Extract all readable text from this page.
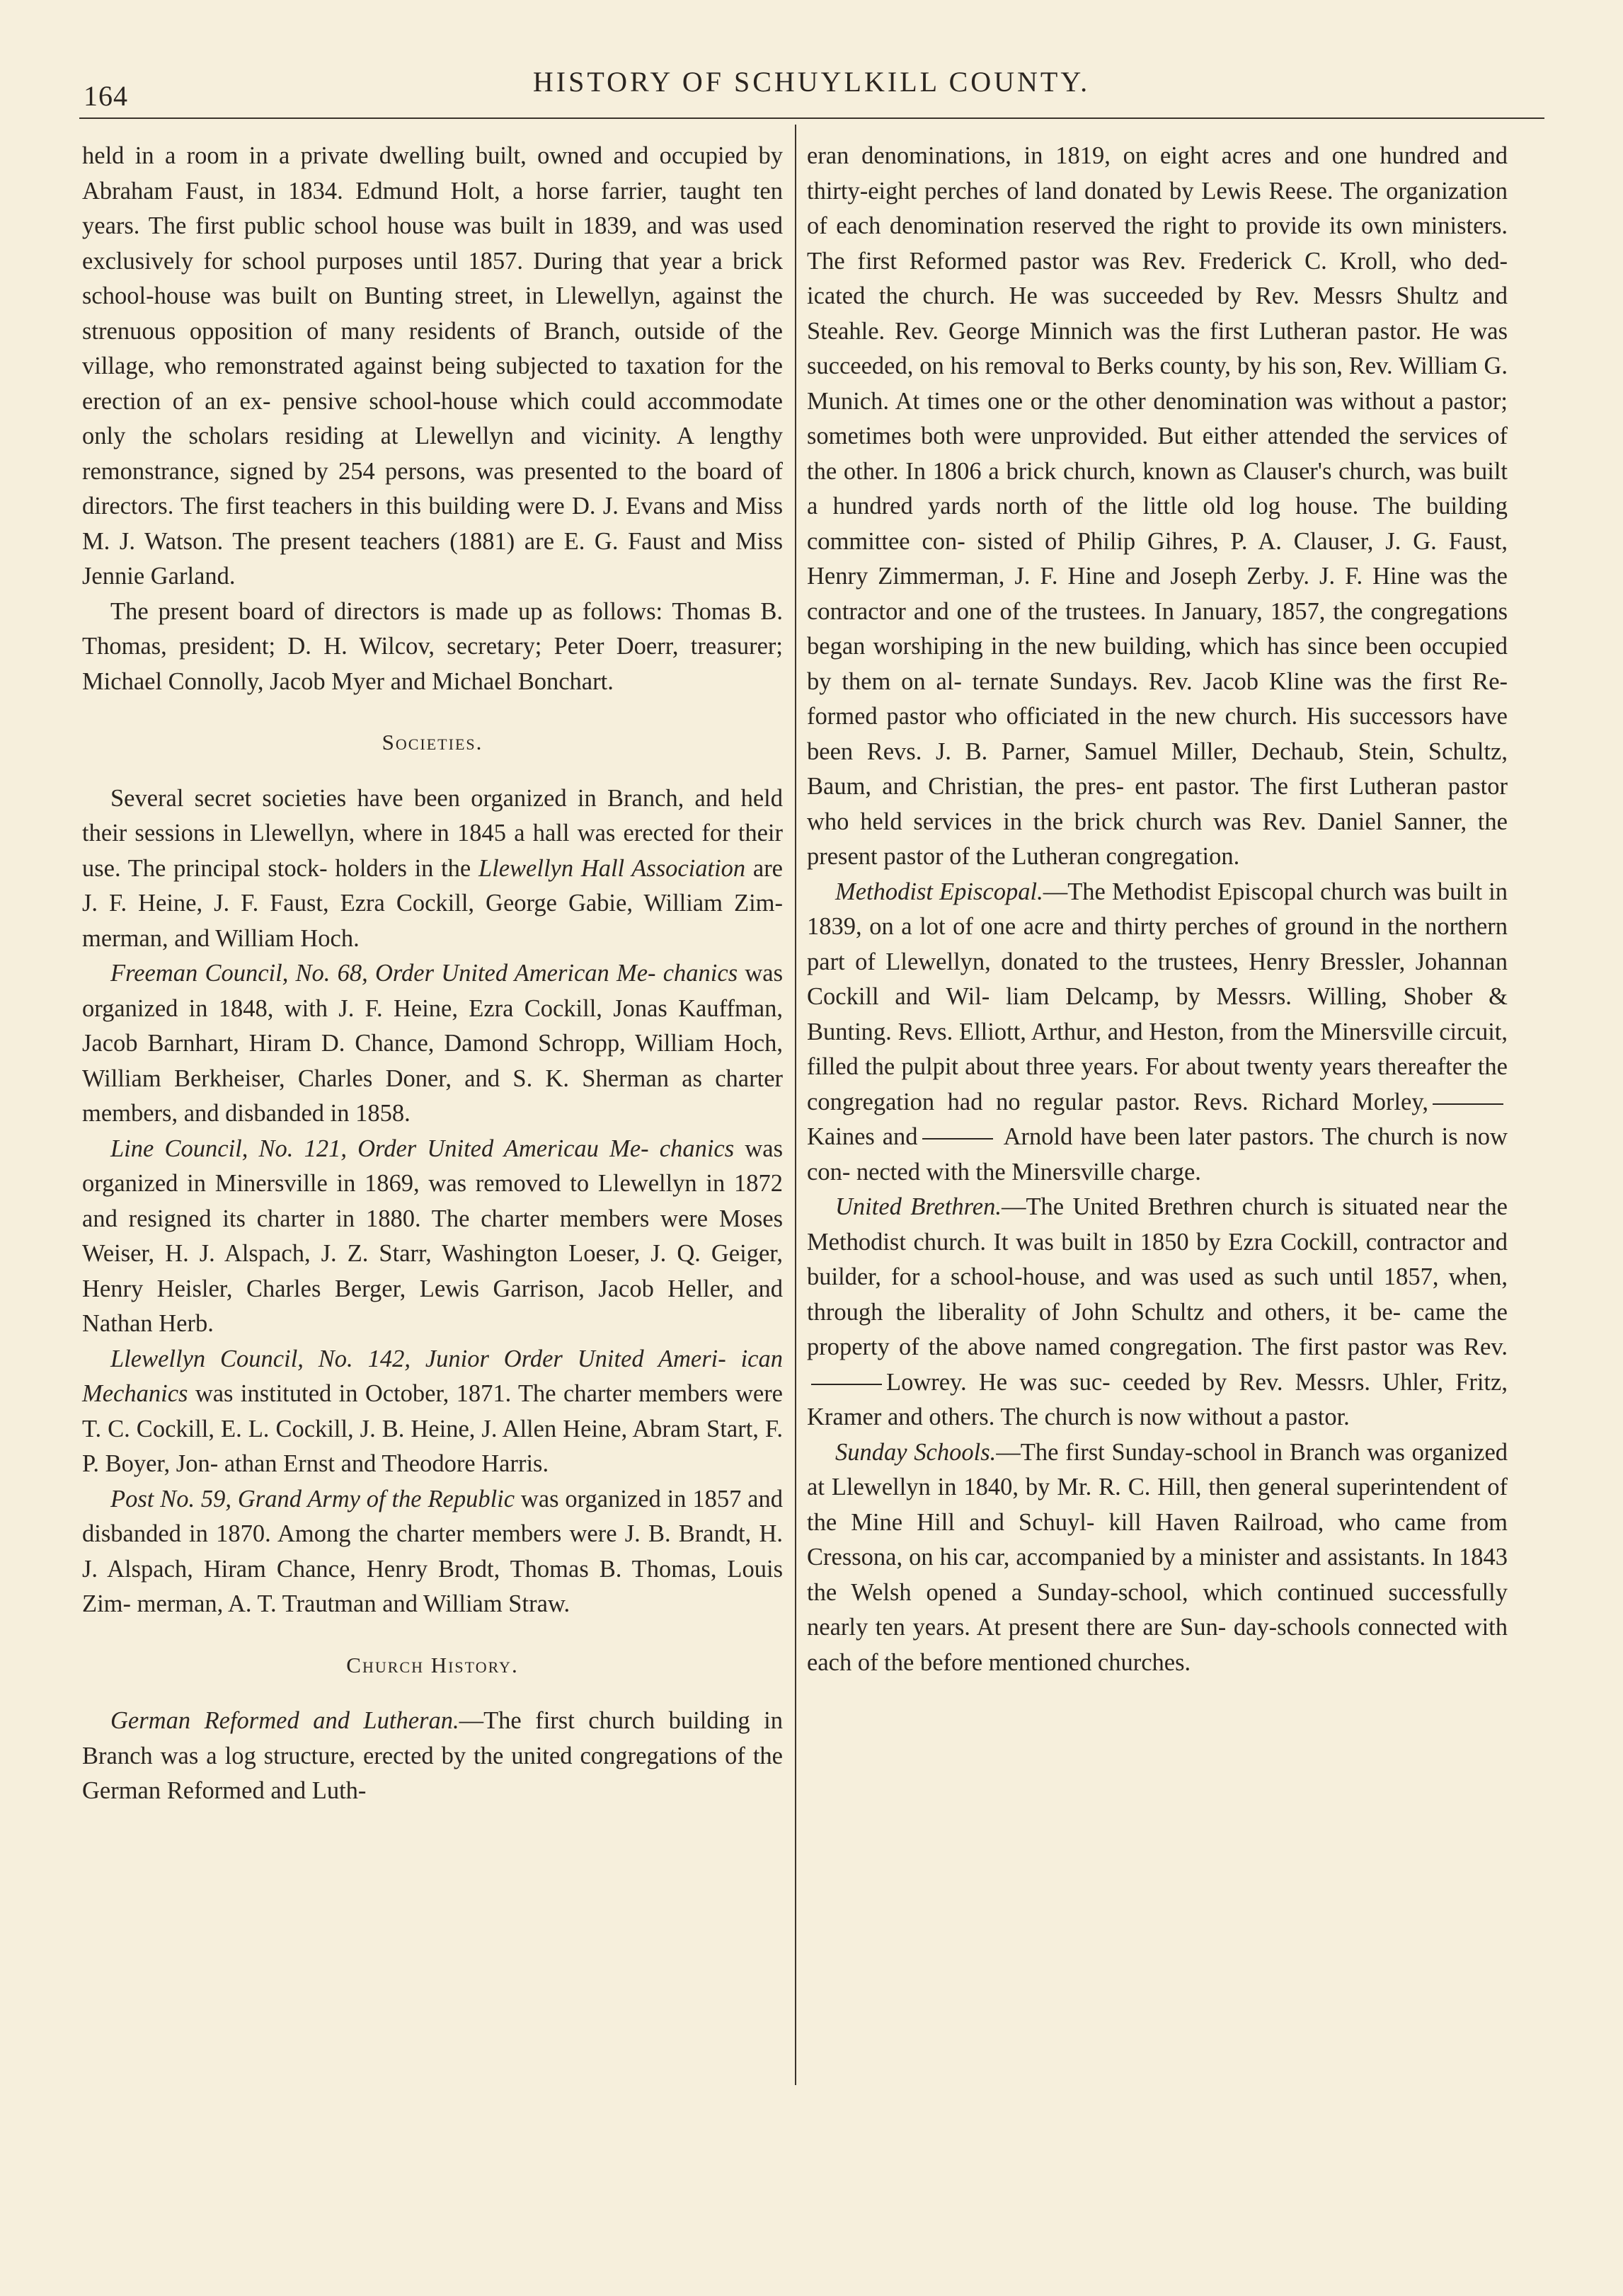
164	HISTORY OF SCHUYLKILL COUNTY.

held in a room in a private dwelling built, owned and occupied by Abraham Faust, in 1834. Edmund Holt, a horse farrier, taught ten years. The first public school house was built in 1839, and was used exclusively for school purposes until 1857. During that year a brick school-house was built on Bunting street, in Llewellyn, against the strenuous opposition of many residents of Branch, outside of the village, who remonstrated against being subjected to taxation for the erection of an ex- pensive school-house which could accommodate only the scholars residing at Llewellyn and vicinity. A lengthy remonstrance, signed by 254 persons, was presented to the board of directors. The first teachers in this building were D. J. Evans and Miss M. J. Watson. The present teachers (1881) are E. G. Faust and Miss Jennie Garland.

The present board of directors is made up as follows: Thomas B. Thomas, president; D. H. Wilcov, secretary; Peter Doerr, treasurer; Michael Connolly, Jacob Myer and Michael Bonchart.

Societies.

Several secret societies have been organized in Branch, and held their sessions in Llewellyn, where in 1845 a hall was erected for their use. The principal stock- holders in the Llewellyn Hall Association are J. F. Heine, J. F. Faust, Ezra Cockill, George Gabie, William Zim- merman, and William Hoch.

Freeman Council, No. 68, Order United American Me- chanics was organized in 1848, with J. F. Heine, Ezra Cockill, Jonas Kauffman, Jacob Barnhart, Hiram D. Chance, Damond Schropp, William Hoch, William Berkheiser, Charles Doner, and S. K. Sherman as charter members, and disbanded in 1858.

Line Council, No. 121, Order United Americau Me- chanics was organized in Minersville in 1869, was removed to Llewellyn in 1872 and resigned its charter in 1880. The charter members were Moses Weiser, H. J. Alspach, J. Z. Starr, Washington Loeser, J. Q. Geiger, Henry Heisler, Charles Berger, Lewis Garrison, Jacob Heller, and Nathan Herb.

Llewellyn Council, No. 142, Junior Order United Ameri- ican Mechanics was instituted in October, 1871. The charter members were T. C. Cockill, E. L. Cockill, J. B. Heine, J. Allen Heine, Abram Start, F. P. Boyer, Jon- athan Ernst and Theodore Harris.

Post No. 59, Grand Army of the Republic was organized in 1857 and disbanded in 1870. Among the charter members were J. B. Brandt, H. J. Alspach, Hiram Chance, Henry Brodt, Thomas B. Thomas, Louis Zim- merman, A. T. Trautman and William Straw.

Church History.

German Reformed and Lutheran.—The first church building in Branch was a log structure, erected by the united congregations of the German Reformed and Luth-

eran denominations, in 1819, on eight acres and one hundred and thirty-eight perches of land donated by Lewis Reese. The organization of each denomination reserved the right to provide its own ministers. The first Reformed pastor was Rev. Frederick C. Kroll, who ded- icated the church. He was succeeded by Rev. Messrs Shultz and Steahle. Rev. George Minnich was the first Lutheran pastor. He was succeeded, on his removal to Berks county, by his son, Rev. William G. Munich. At times one or the other denomination was without a pastor; sometimes both were unprovided. But either attended the services of the other. In 1806 a brick church, known as Clauser's church, was built a hundred yards north of the little old log house. The building committee con- sisted of Philip Gihres, P. A. Clauser, J. G. Faust, Henry Zimmerman, J. F. Hine and Joseph Zerby. J. F. Hine was the contractor and one of the trustees. In January, 1857, the congregations began worshiping in the new building, which has since been occupied by them on al- ternate Sundays. Rev. Jacob Kline was the first Re- formed pastor who officiated in the new church. His successors have been Revs. J. B. Parner, Samuel Miller, Dechaub, Stein, Schultz, Baum, and Christian, the pres- ent pastor. The first Lutheran pastor who held services in the brick church was Rev. Daniel Sanner, the present pastor of the Lutheran congregation.

Methodist Episcopal.—The Methodist Episcopal church was built in 1839, on a lot of one acre and thirty perches of ground in the northern part of Llewellyn, donated to the trustees, Henry Bressler, Johannan Cockill and Wil- liam Delcamp, by Messrs. Willing, Shober & Bunting. Revs. Elliott, Arthur, and Heston, from the Minersville circuit, filled the pulpit about three years. For about twenty years thereafter the congregation had no regular pastor. Revs. Richard Morley,Kaines and	Arnold have been later pastors. The church is now con- nected with the Minersville charge.

United Brethren.—The United Brethren church is situated near the Methodist church. It was built in 1850 by Ezra Cockill, contractor and builder, for a school-house, and was used as such until 1857, when, through the liberality of John Schultz and others, it be- came the property of the above named congregation. The first pastor was Rev.Lowrey. He was suc- ceeded by Rev. Messrs. Uhler, Fritz, Kramer and others. The church is now without a pastor.

Sunday Schools.—The first Sunday-school in Branch was organized at Llewellyn in 1840, by Mr. R. C. Hill, then general superintendent of the Mine Hill and Schuyl- kill Haven Railroad, who came from Cressona, on his car, accompanied by a minister and assistants. In 1843 the Welsh opened a Sunday-school, which continued successfully nearly ten years. At present there are Sun- day-schools connected with each of the before mentioned churches.
